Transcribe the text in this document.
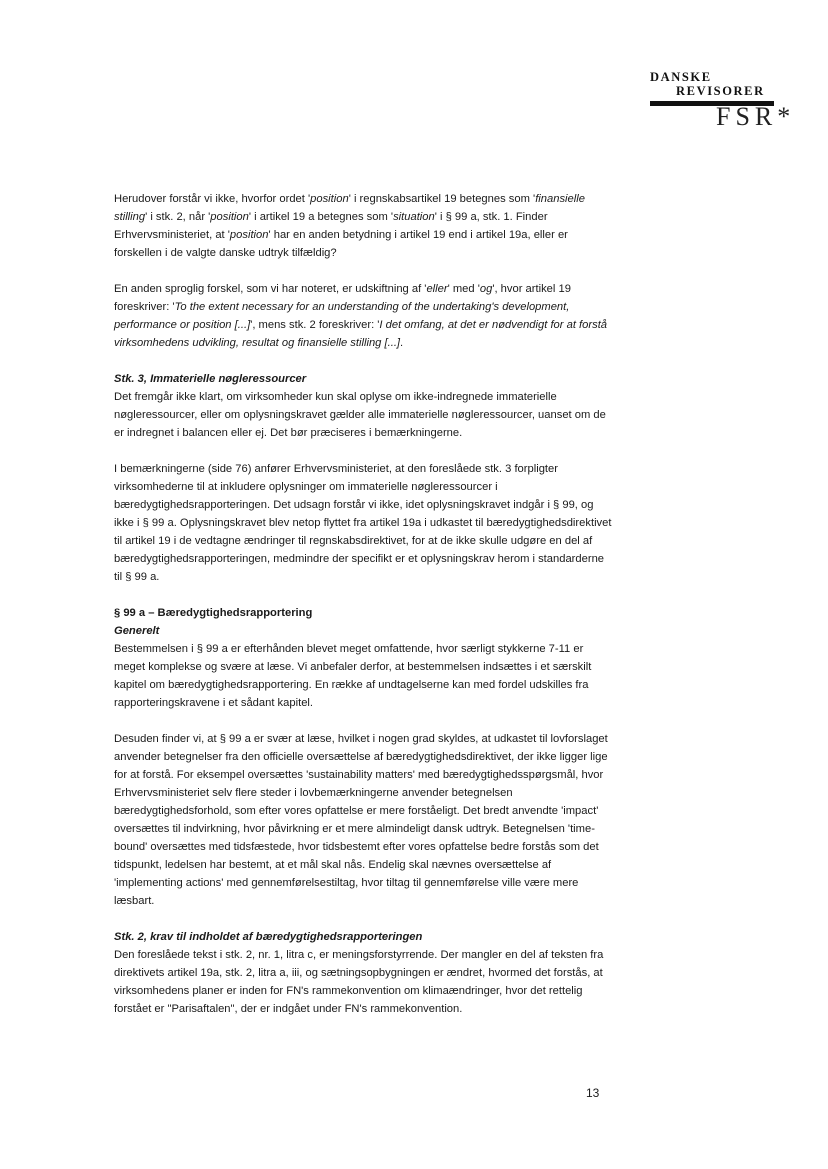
DANSKE
REVISORER
FSR*

Herudover forstår vi ikke, hvorfor ordet 'position' i regnskabsartikel 19 betegnes som 'finansielle stilling' i stk. 2, når 'position' i artikel 19 a betegnes som 'situation' i § 99 a, stk. 1. Finder Erhvervsministeriet, at 'position' har en anden betydning i artikel 19 end i artikel 19a, eller er forskellen i de valgte danske udtryk tilfældig?

En anden sproglig forskel, som vi har noteret, er udskiftning af 'eller' med 'og', hvor artikel 19 foreskriver: 'To the extent necessary for an understanding of the undertaking's development, performance or position [...]', mens stk. 2 foreskriver: 'I det omfang, at det er nødvendigt for at forstå virksomhedens udvikling, resultat og finansielle stilling [...].

Stk. 3, Immaterielle nøgleressourcer

Det fremgår ikke klart, om virksomheder kun skal oplyse om ikke-indregnede immaterielle nøgleressourcer, eller om oplysningskravet gælder alle immaterielle nøgleressourcer, uanset om de er indregnet i balancen eller ej. Det bør præciseres i bemærkningerne.

I bemærkningerne (side 76) anfører Erhvervsministeriet, at den foreslåede stk. 3 forpligter virksomhederne til at inkludere oplysninger om immaterielle nøgleressourcer i bæredygtighedsrapporteringen. Det udsagn forstår vi ikke, idet oplysningskravet indgår i § 99, og ikke i § 99 a. Oplysningskravet blev netop flyttet fra artikel 19a i udkastet til bæredygtighedsdirektivet til artikel 19 i de vedtagne ændringer til regnskabsdirektivet, for at de ikke skulle udgøre en del af bæredygtighedsrapporteringen, medmindre der specifikt er et oplysningskrav herom i standarderne til § 99 a.

§ 99 a – Bæredygtighedsrapportering

Generelt

Bestemmelsen i § 99 a er efterhånden blevet meget omfattende, hvor særligt stykkerne 7-11 er meget komplekse og svære at læse. Vi anbefaler derfor, at bestemmelsen indsættes i et særskilt kapitel om bæredygtighedsrapportering. En række af undtagelserne kan med fordel udskilles fra rapporteringskravene i et sådant kapitel.

Desuden finder vi, at § 99 a er svær at læse, hvilket i nogen grad skyldes, at udkastet til lovforslaget anvender betegnelser fra den officielle oversættelse af bæredygtighedsdirektivet, der ikke ligger lige for at forstå. For eksempel oversættes 'sustainability matters' med bæredygtighedsspørgsmål, hvor Erhvervsministeriet selv flere steder i lovbemærkningerne anvender betegnelsen bæredygtighedsforhold, som efter vores opfattelse er mere forståeligt. Det bredt anvendte 'impact' oversættes til indvirkning, hvor påvirkning er et mere almindeligt dansk udtryk. Betegnelsen 'time-bound' oversættes med tidsfæstede, hvor tidsbestemt efter vores opfattelse bedre forstås som det tidspunkt, ledelsen har bestemt, at et mål skal nås. Endelig skal nævnes oversættelse af 'implementing actions' med gennemførelsestiltag, hvor tiltag til gennemførelse ville være mere læsbart.

Stk. 2, krav til indholdet af bæredygtighedsrapporteringen

Den foreslåede tekst i stk. 2, nr. 1, litra c, er meningsforstyrrende. Der mangler en del af teksten fra direktivets artikel 19a, stk. 2, litra a, iii, og sætningsopbygningen er ændret, hvormed det forstås, at virksomhedens planer er inden for FN's rammekonvention om klimaændringer, hvor det rettelig forstået er "Parisaftalen", der er indgået under FN's rammekonvention.

13
